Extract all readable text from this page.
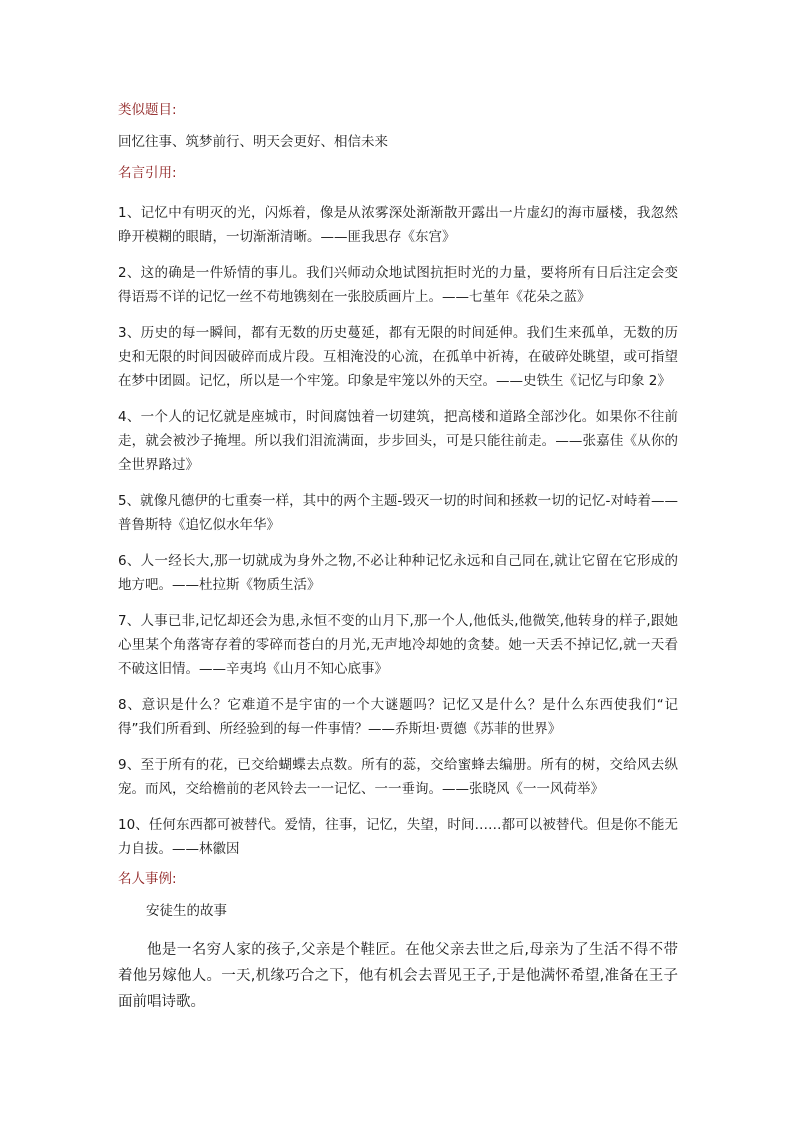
类似题目:

回忆往事、筑梦前行、明天会更好、相信未来

名言引用:

1、记忆中有明灭的光，闪烁着，像是从浓雾深处渐渐散开露出一片虚幻的海市蜃楼，我忽然睁开模糊的眼睛，一切渐渐清晰。——匪我思存《东宫》

2、这的确是一件矫情的事儿。我们兴师动众地试图抗拒时光的力量，要将所有日后注定会变得语焉不详的记忆一丝不苟地镌刻在一张胶质画片上。——七堇年《花朵之蓝》

3、历史的每一瞬间，都有无数的历史蔓延，都有无限的时间延伸。我们生来孤单，无数的历史和无限的时间因破碎而成片段。互相淹没的心流，在孤单中祈祷，在破碎处眺望，或可指望在梦中团圆。记忆，所以是一个牢笼。印象是牢笼以外的天空。——史铁生《记忆与印象 2》

4、一个人的记忆就是座城市，时间腐蚀着一切建筑，把高楼和道路全部沙化。如果你不往前走，就会被沙子掩埋。所以我们泪流满面，步步回头，可是只能往前走。——张嘉佳《从你的全世界路过》

5、就像凡德伊的七重奏一样，其中的两个主题-毁灭一切的时间和拯救一切的记忆-对峙着——普鲁斯特《追忆似水年华》

6、人一经长大,那一切就成为身外之物,不必让种种记忆永远和自己同在,就让它留在它形成的地方吧。——杜拉斯《物质生活》

7、人事已非,记忆却还会为患,永恒不变的山月下,那一个人,他低头,他微笑,他转身的样子,跟她心里某个角落寄存着的零碎而苍白的月光,无声地冷却她的贪婪。她一天丢不掉记忆,就一天看不破这旧情。——辛夷坞《山月不知心底事》

8、意识是什么？它难道不是宇宙的一个大谜题吗？记忆又是什么？是什么东西使我们“记得”我们所看到、所经验到的每一件事情？——乔斯坦·贾德《苏菲的世界》

9、至于所有的花，已交给蝴蝶去点数。所有的蕊，交给蜜蜂去编册。所有的树，交给风去纵宠。而风，交给檐前的老风铃去一一记忆、一一垂询。——张晓风《一一风荷举》

10、任何东西都可被替代。爱情，往事，记忆，失望，时间……都可以被替代。但是你不能无力自拔。——林徽因

名人事例:

安徒生的故事

他是一名穷人家的孩子,父亲是个鞋匠。在他父亲去世之后,母亲为了生活不得不带着他另嫁他人。一天,机缘巧合之下，他有机会去晋见王子,于是他满怀希望,准备在王子面前唱诗歌。
